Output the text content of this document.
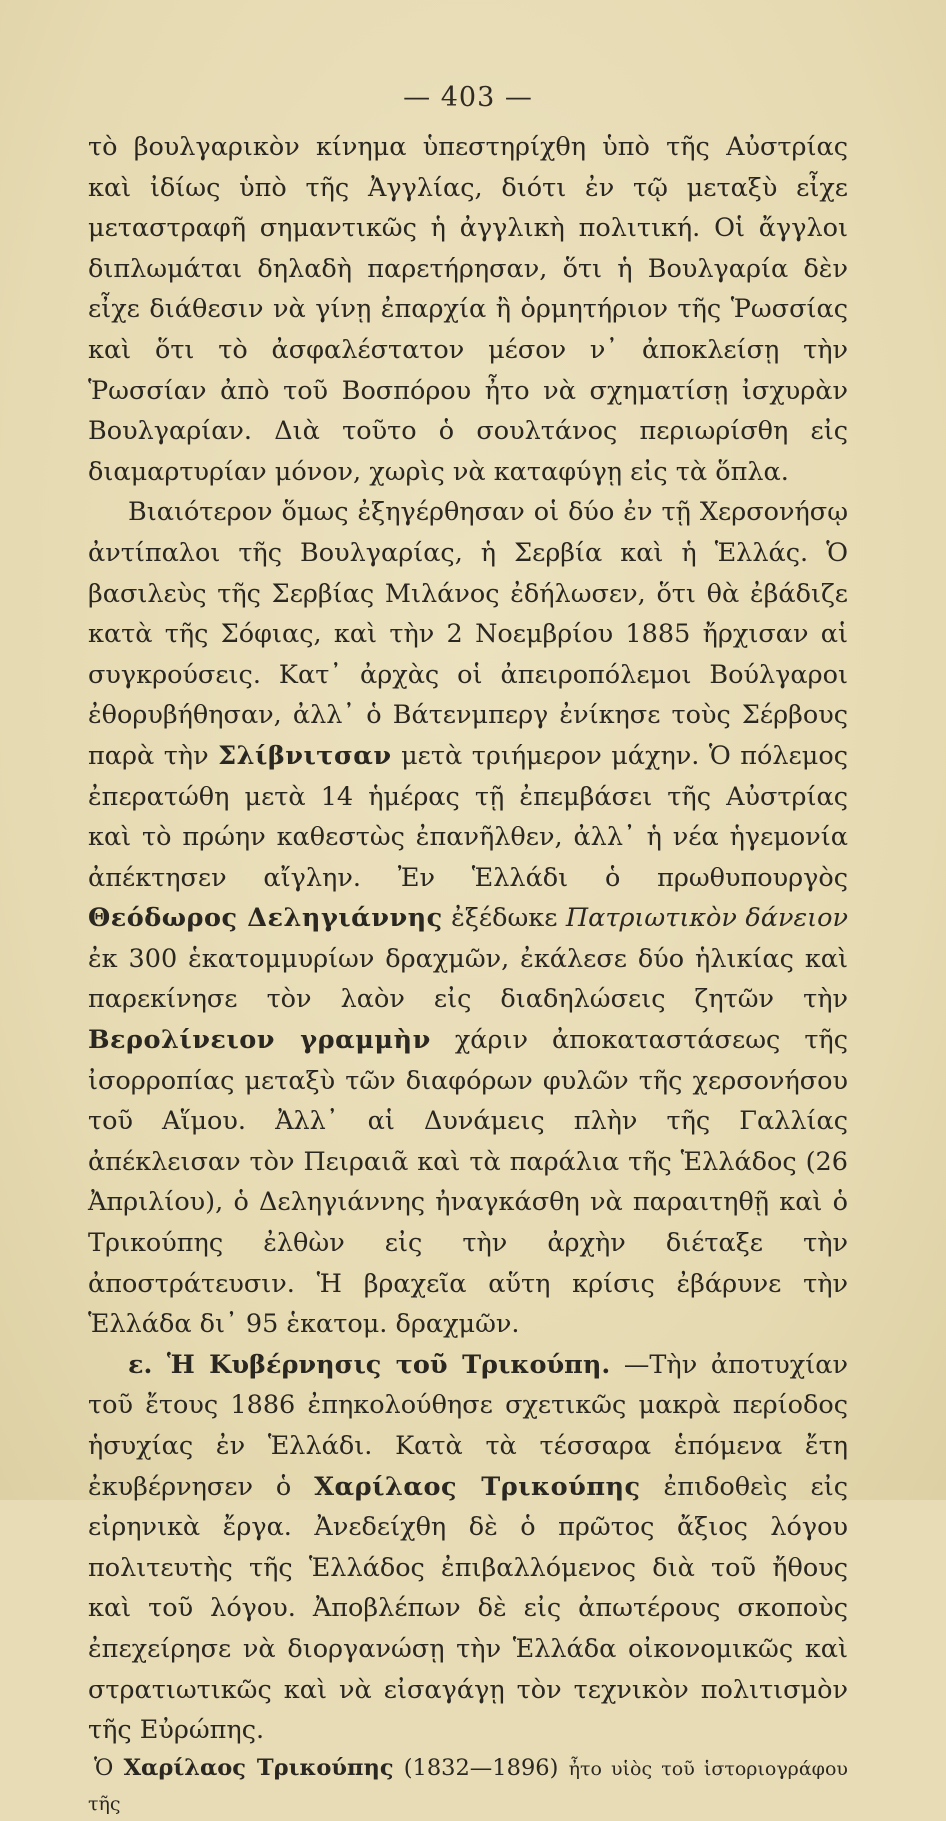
— 403 —

τὸ βουλγαρικὸν κίνημα ὑπεστηρίχθη ὑπὸ τῆς Αὐστρίας καὶ ἰδίως ὑπὸ τῆς Ἀγγλίας, διότι ἐν τῷ μεταξὺ εἶχε μεταστραφῆ σημαντικῶς ἡ ἀγγλικὴ πολιτική. Οἱ ἄγγλοι διπλωμάται δηλαδὴ παρετήρησαν, ὅτι ἡ Βουλγαρία δὲν εἶχε διάθεσιν νὰ γίνῃ ἐπαρχία ἢ ὁρμητήριον τῆς Ῥωσσίας καὶ ὅτι τὸ ἀσφαλέστατον μέσον ν᾿ ἀποκλείσῃ τὴν Ῥωσσίαν ἀπὸ τοῦ Βοσπόρου ἦτο νὰ σχηματίσῃ ἰσχυρὰν Βουλγαρίαν. Διὰ τοῦτο ὁ σουλτάνος περιωρίσθη εἰς διαμαρτυρίαν μόνον, χωρὶς νὰ καταφύγῃ εἰς τὰ ὅπλα.

Βιαιότερον ὅμως ἐξηγέρθησαν οἱ δύο ἐν τῇ Χερσονήσῳ ἀντίπαλοι τῆς Βουλγαρίας, ἡ Σερβία καὶ ἡ Ἑλλάς. Ὁ βασιλεὺς τῆς Σερβίας Μιλάνος ἐδήλωσεν, ὅτι θὰ ἐβάδιζε κατὰ τῆς Σόφιας, καὶ τὴν 2 Νοεμβρίου 1885 ἤρχισαν αἱ συγκρούσεις. Κατ᾿ ἀρχὰς οἱ ἀπειροπόλεμοι Βούλγαροι ἐθορυβήθησαν, ἀλλ᾿ ὁ Βάτενμπεργ ἐνίκησε τοὺς Σέρβους παρὰ τὴν Σλίβνιτσαν μετὰ τριήμερον μάχην. Ὁ πόλεμος ἐπερατώθη μετὰ 14 ἡμέρας τῇ ἐπεμβάσει τῆς Αὐστρίας καὶ τὸ πρώην καθεστὼς ἐπανῆλθεν, ἀλλ᾿ ἡ νέα ἡγεμονία ἀπέκτησεν αἴγλην. Ἐν Ἑλλάδι ὁ πρωθυπουργὸς Θεόδωρος Δεληγιάννης ἐξέδωκε Πατριωτικὸν δάνειον ἐκ 300 ἑκατομμυρίων δραχμῶν, ἐκάλεσε δύο ἡλικίας καὶ παρεκίνησε τὸν λαὸν εἰς διαδηλώσεις ζητῶν τὴν Βερολίνειον γραμμὴν χάριν ἀποκαταστάσεως τῆς ἰσορροπίας μεταξὺ τῶν διαφόρων φυλῶν τῆς χερσονήσου τοῦ Αἵμου. Ἀλλ᾿ αἱ Δυνάμεις πλὴν τῆς Γαλλίας ἀπέκλεισαν τὸν Πειραιᾶ καὶ τὰ παράλια τῆς Ἑλλάδος (26 Ἀπριλίου), ὁ Δεληγιάννης ἠναγκάσθη νὰ παραιτηθῇ καὶ ὁ Τρικούπης ἐλθὼν εἰς τὴν ἀρχὴν διέταξε τὴν ἀποστράτευσιν. Ἡ βραχεῖα αὕτη κρίσις ἐβάρυνε τὴν Ἑλλάδα δι᾿ 95 ἑκατομ. δραχμῶν.

ε. Ἡ Κυβέρνησις τοῦ Τρικούπη. —Τὴν ἀποτυχίαν τοῦ ἔτους 1886 ἐπηκολούθησε σχετικῶς μακρὰ περίοδος ἡσυχίας ἐν Ἑλλάδι. Κατὰ τὰ τέσσαρα ἑπόμενα ἔτη ἐκυβέρνησεν ὁ Χαρίλαος Τρικούπης ἐπιδοθεὶς εἰς εἰρηνικὰ ἔργα. Ἀνεδείχθη δὲ ὁ πρῶτος ἄξιος λόγου πολιτευτὴς τῆς Ἑλλάδος ἐπιβαλλόμενος διὰ τοῦ ἤθους καὶ τοῦ λόγου. Ἀποβλέπων δὲ εἰς ἀπωτέρους σκοποὺς ἐπεχείρησε νὰ διοργανώσῃ τὴν Ἑλλάδα οἰκονομικῶς καὶ στρατιωτικῶς καὶ νὰ εἰσαγάγῃ τὸν τεχνικὸν πολιτισμὸν τῆς Εὐρώπης.

Ὁ Χαρίλαος Τρικούπης (1832—1896) ἦτο υἱὸς τοῦ ἱστοριογράφου τῆς
